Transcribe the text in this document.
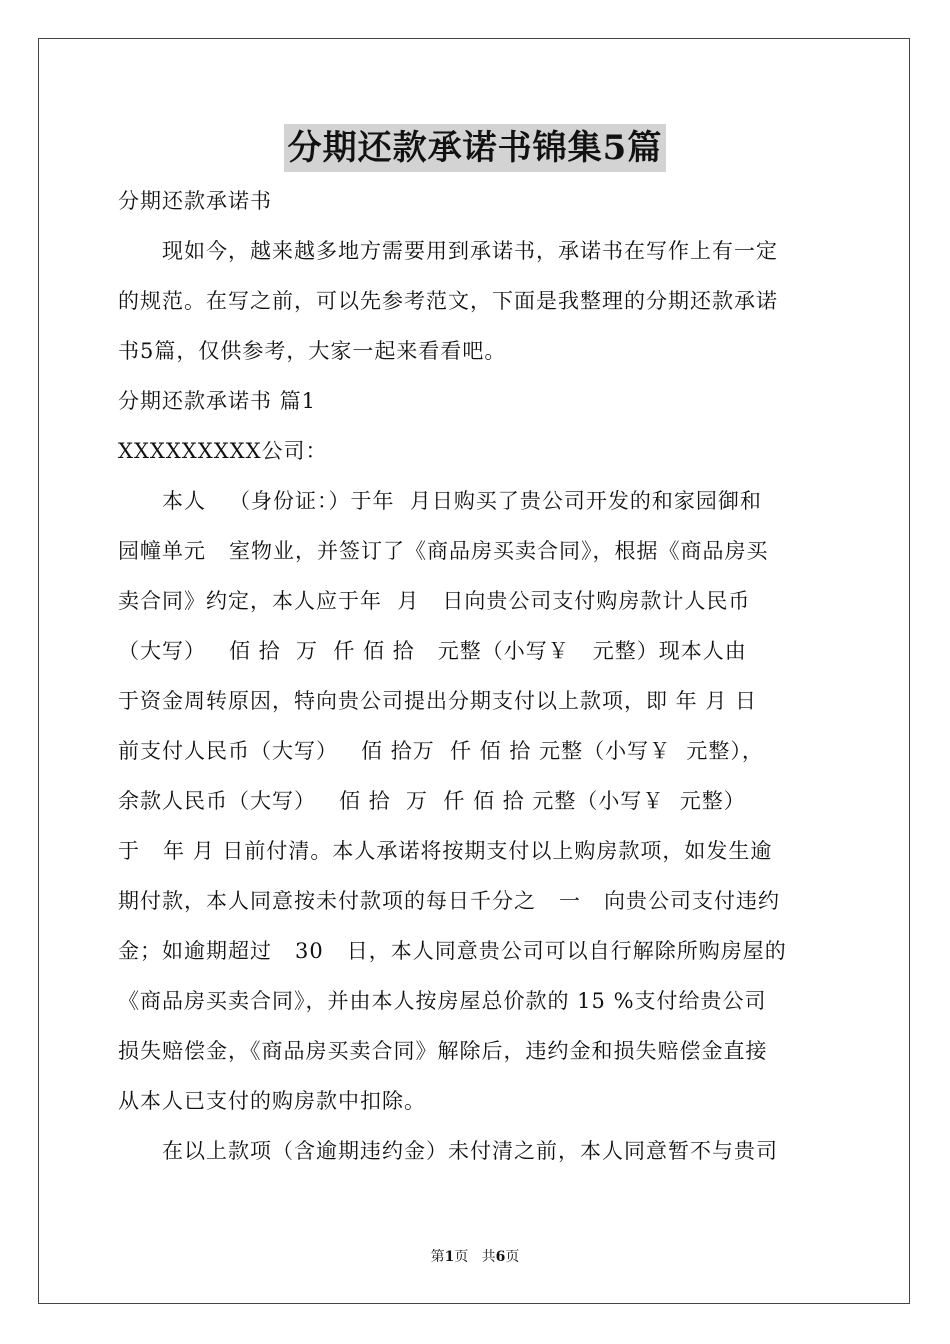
分期还款承诺书锦集5篇

分期还款承诺书

现如今，越来越多地方需要用到承诺书，承诺书在写作上有一定

的规范。在写之前，可以先参考范文，下面是我整理的分期还款承诺

书5篇，仅供参考，大家一起来看看吧。

分期还款承诺书 篇1

XXXXXXXXX公司：

本人   （身份证：）于年  月日购买了贵公司开发的和家园御和

园幢单元   室物业，并签订了《商品房买卖合同》，根据《商品房买

卖合同》约定，本人应于年  月   日向贵公司支付购房款计人民币

（大写）   佰 拾  万  仟 佰 拾   元整（小写￥   元整）现本人由

于资金周转原因，特向贵公司提出分期支付以上款项，即 年 月 日

前支付人民币（大写）   佰 拾万  仟 佰 拾 元整（小写￥  元整），

余款人民币（大写）   佰 拾  万  仟 佰 拾 元整（小写￥  元整）

于   年 月 日前付清。本人承诺将按期支付以上购房款项，如发生逾

期付款，本人同意按未付款项的每日千分之   一   向贵公司支付违约

金；如逾期超过   30   日，本人同意贵公司可以自行解除所购房屋的

《商品房买卖合同》，并由本人按房屋总价款的 15 %支付给贵公司

损失赔偿金，《商品房买卖合同》解除后，违约金和损失赔偿金直接

从本人已支付的购房款中扣除。

在以上款项（含逾期违约金）未付清之前，本人同意暂不与贵司

第1页 共6页
